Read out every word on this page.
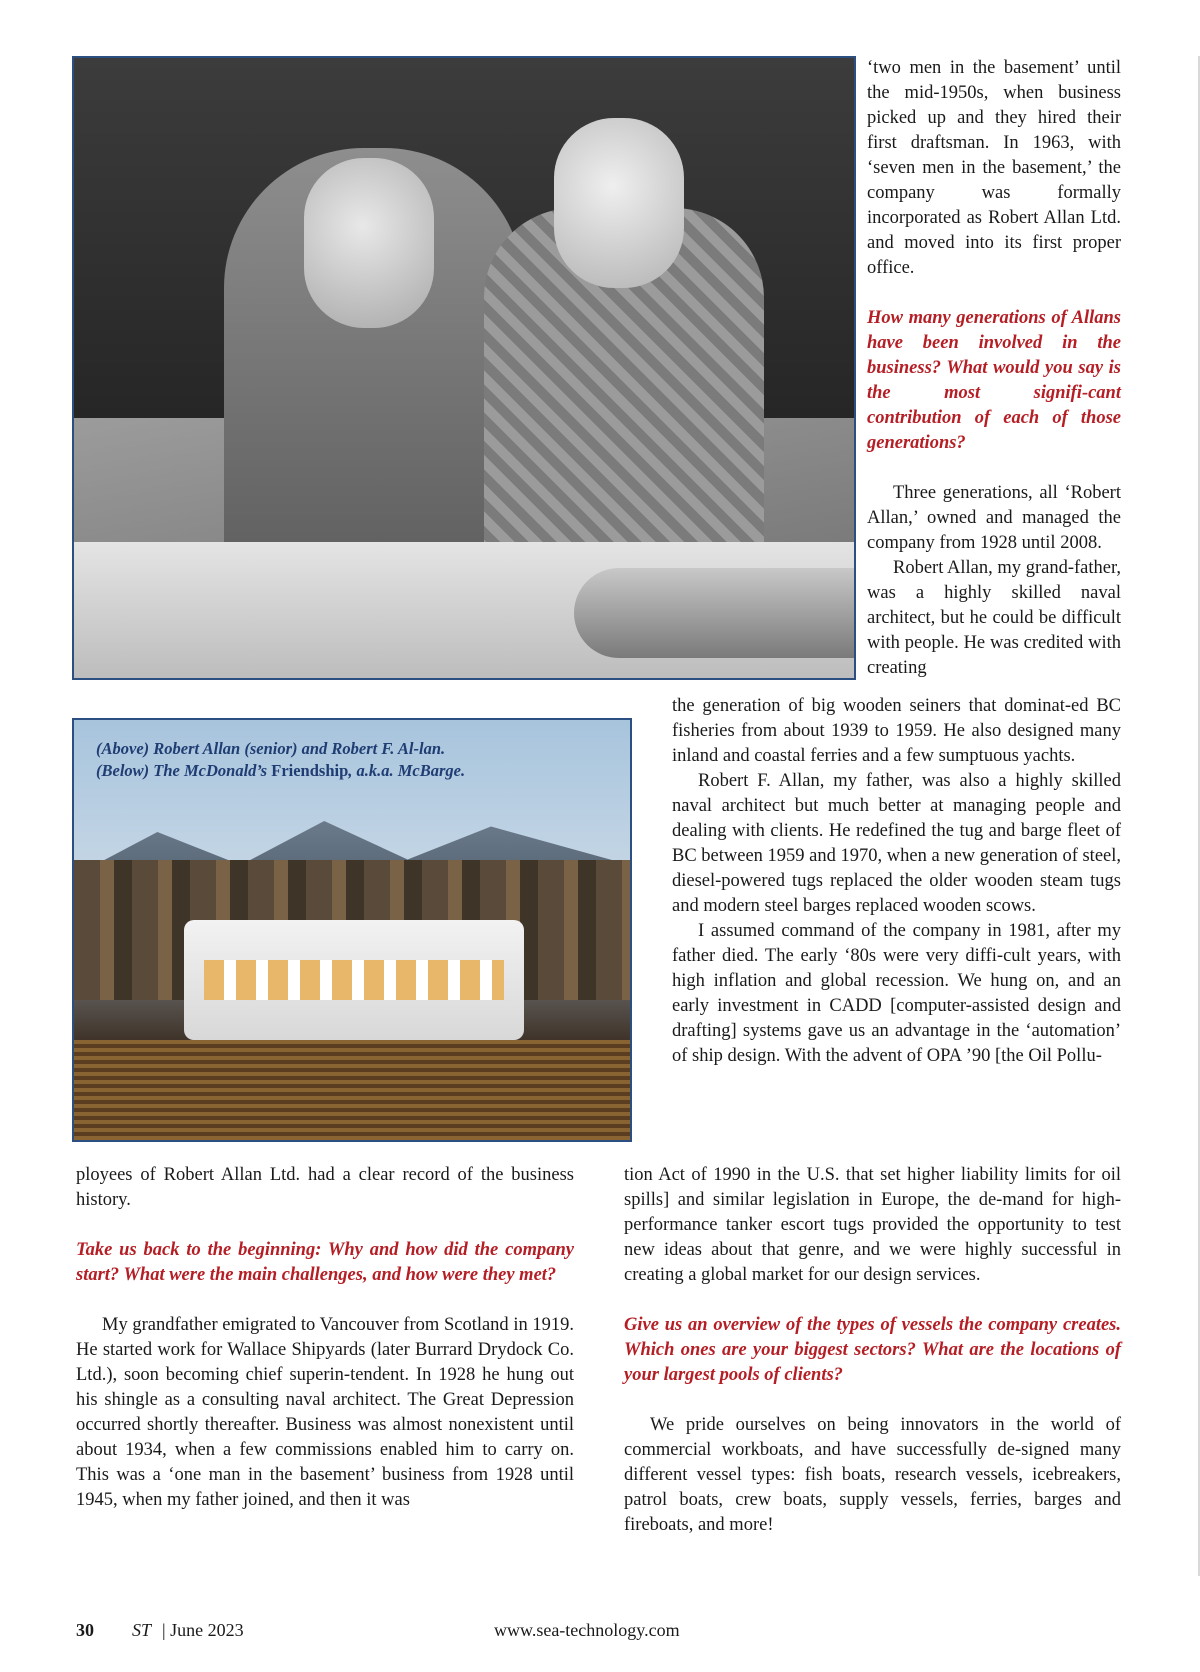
(Above) Robert Allan (senior) and Robert F. Al-lan. (Below) The McDonald’s Friendship, a.k.a. McBarge.

‘two men in the basement’ until the mid-1950s, when business picked up and they hired their first draftsman. In 1963, with ‘seven men in the basement,’ the company was formally incorporated as Robert Allan Ltd. and moved into its first proper office.

How many generations of Allans have been involved in the business? What would you say is the most signifi-cant contribution of each of those generations?

Three generations, all ‘Robert Allan,’ owned and managed the company from 1928 until 2008.

Robert Allan, my grand-father, was a highly skilled naval architect, but he could be difficult with people. He was credited with creating

the generation of big wooden seiners that dominat-ed BC fisheries from about 1939 to 1959. He also designed many inland and coastal ferries and a few sumptuous yachts.

Robert F. Allan, my father, was also a highly skilled naval architect but much better at managing people and dealing with clients. He redefined the tug and barge fleet of BC between 1959 and 1970, when a new generation of steel, diesel-powered tugs replaced the older wooden steam tugs and modern steel barges replaced wooden scows.

I assumed command of the company in 1981, after my father died. The early ‘80s were very diffi-cult years, with high inflation and global recession. We hung on, and an early investment in CADD [computer-assisted design and drafting] systems gave us an advantage in the ‘automation’ of ship design. With the advent of OPA ’90 [the Oil Pollu-

tion Act of 1990 in the U.S. that set higher liability limits for oil spills] and similar legislation in Europe, the de-mand for high-performance tanker escort tugs provided the opportunity to test new ideas about that genre, and we were highly successful in creating a global market for our design services.

Give us an overview of the types of vessels the company creates. Which ones are your biggest sectors? What are the locations of your largest pools of clients?

We pride ourselves on being innovators in the world of commercial workboats, and have successfully de-signed many different vessel types: fish boats, research vessels, icebreakers, patrol boats, crew boats, supply vessels, ferries, barges and fireboats, and more!

ployees of Robert Allan Ltd. had a clear record of the business history.

Take us back to the beginning: Why and how did the company start? What were the main challenges, and how were they met?

My grandfather emigrated to Vancouver from Scotland in 1919. He started work for Wallace Shipyards (later Burrard Drydock Co. Ltd.), soon becoming chief superin-tendent. In 1928 he hung out his shingle as a consulting naval architect. The Great Depression occurred shortly thereafter. Business was almost nonexistent until about 1934, when a few commissions enabled him to carry on. This was a ‘one man in the basement’ business from 1928 until 1945, when my father joined, and then it was

30 ST | June 2023	www.sea-technology.com
